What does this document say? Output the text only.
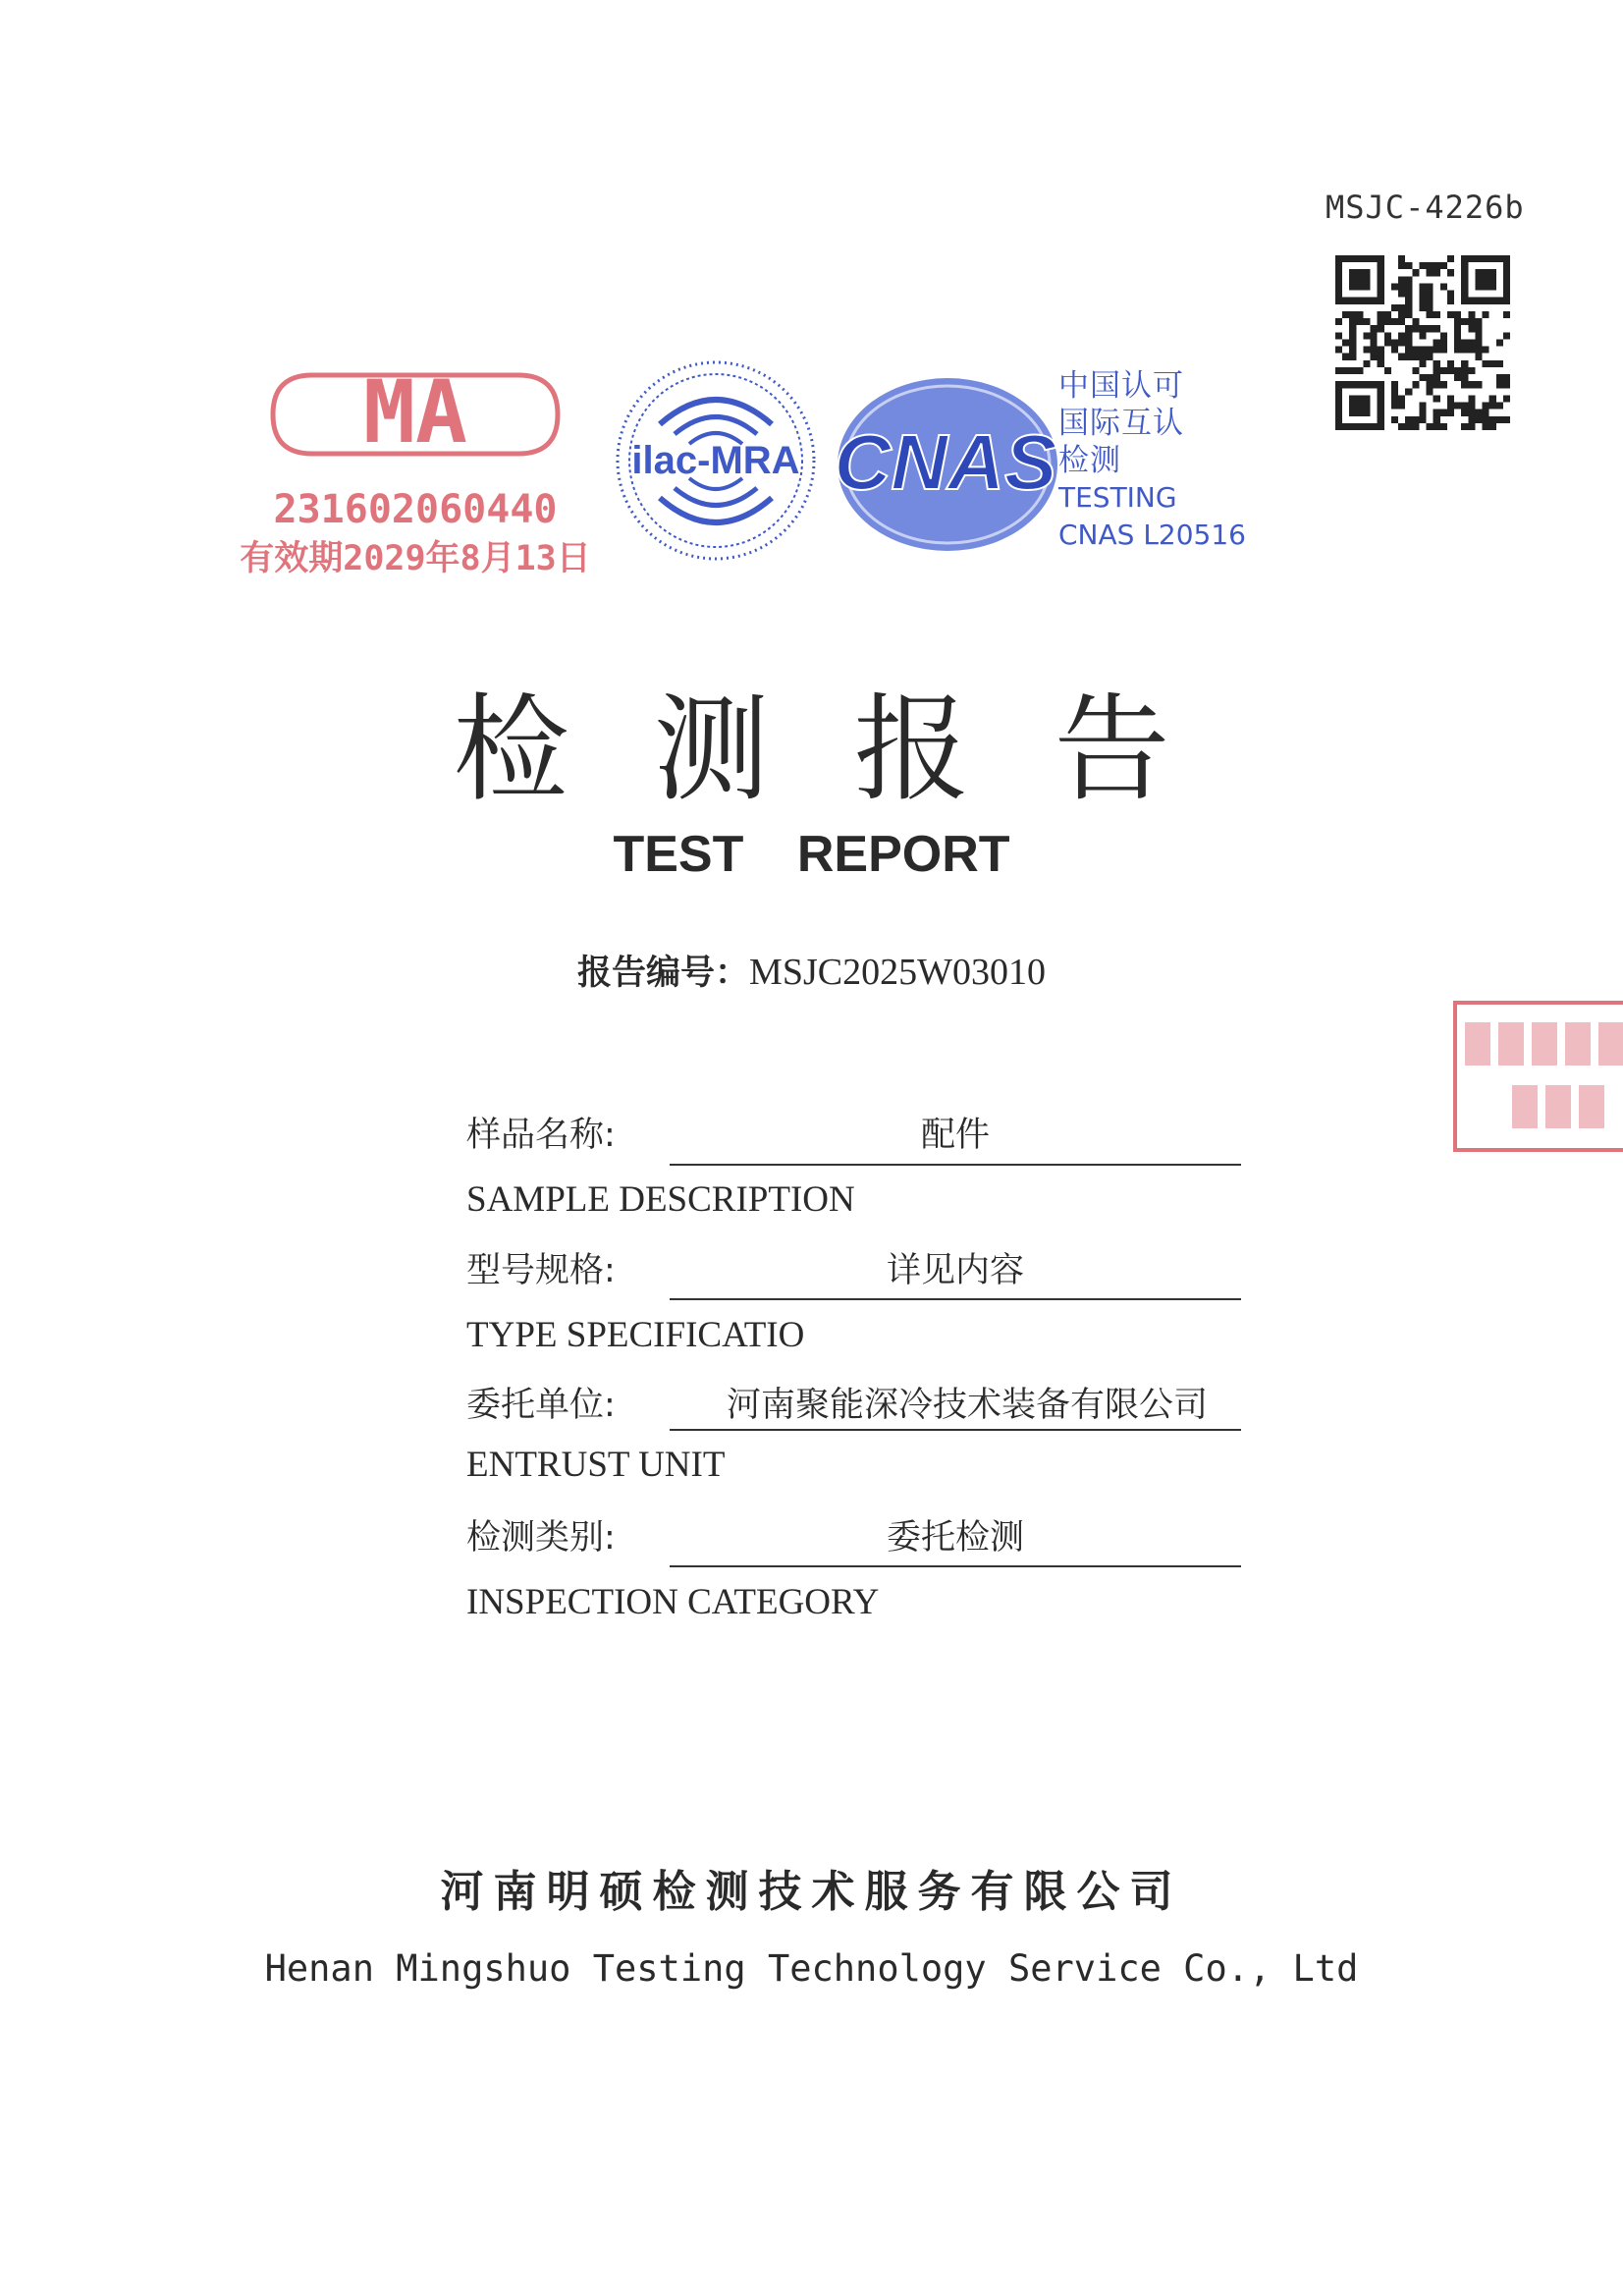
MSJC-4226b
MA
231602060440
有效期2029年8月13日
ilac-MRA CNAS
中国认可
国际互认
检测
TESTING
CNAS L20516
检测报告
TEST REPORT
报告编号：MSJC2025W03010
样品名称:	配件
SAMPLE DESCRIPTION
型号规格:	详见内容
TYPE SPECIFICATIO
委托单位:	河南聚能深冷技术装备有限公司
ENTRUST UNIT
检测类别:	委托检测
INSPECTION CATEGORY
河南明硕检测技术服务有限公司
Henan Mingshuo Testing Technology Service Co., Ltd
